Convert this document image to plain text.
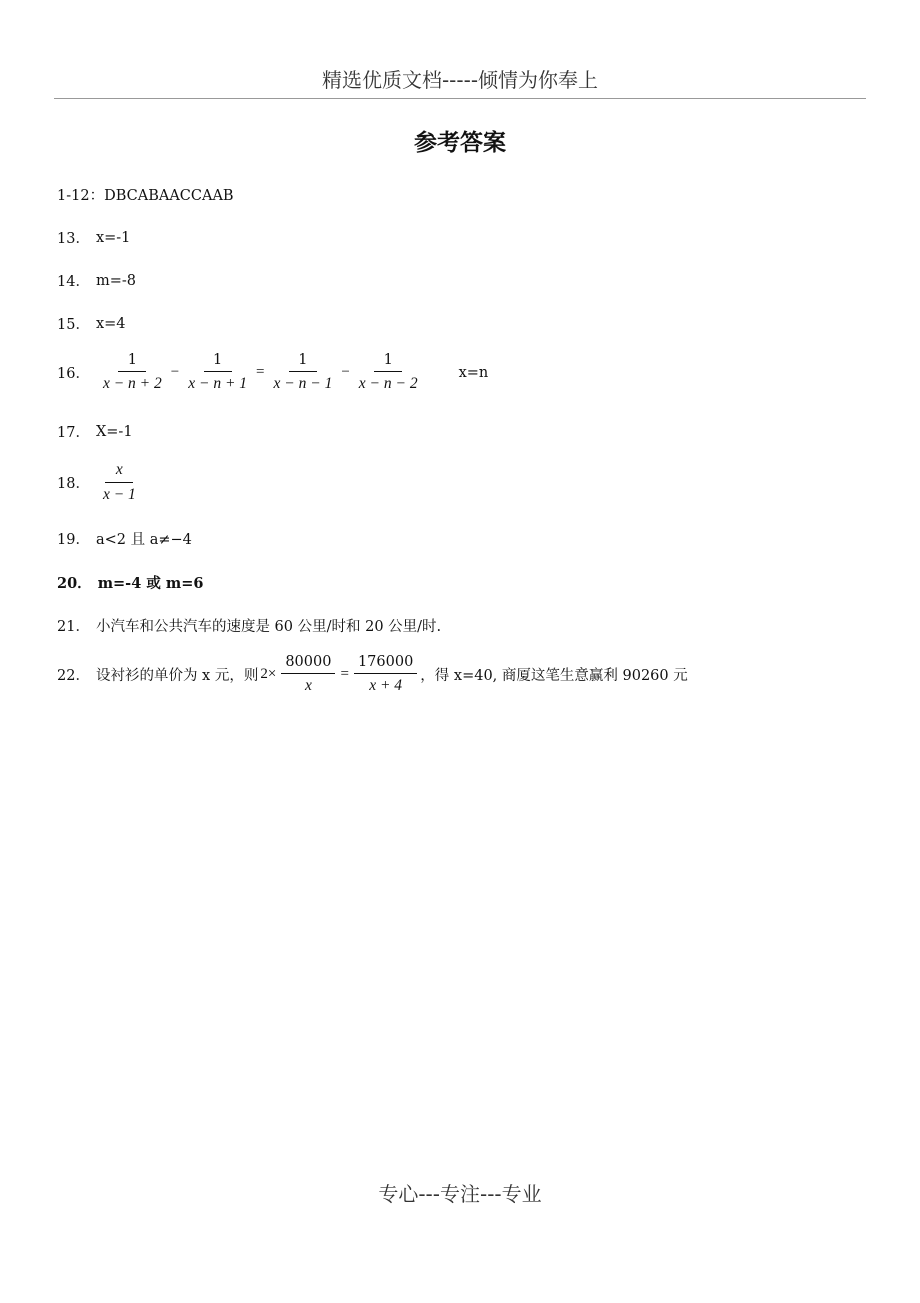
精选优质文档-----倾情为你奉上
参考答案
1-12：DBCABAACCAAB
13． x=-1
14． m=-8
15． x=4
16． $\frac{1}{x - n + 2} - \frac{1}{x - n + 1} = \frac{1}{x - n - 1} - \frac{1}{x - n - 2}$	x=n
17． X=-1
18． $\frac{x}{x - 1}$
19． a<2 且 a≠−4
20． m=-4 或 m=6
21． 小汽车和公共汽车的速度是 60 公里/时和 20 公里/时.
22． 设衬衫的单价为 x 元，则 $2\times \frac{80000}{x} = \frac{176000}{x + 4}$ ，得 x=40, 商厦这笔生意赢利 90260 元
专心---专注---专业
